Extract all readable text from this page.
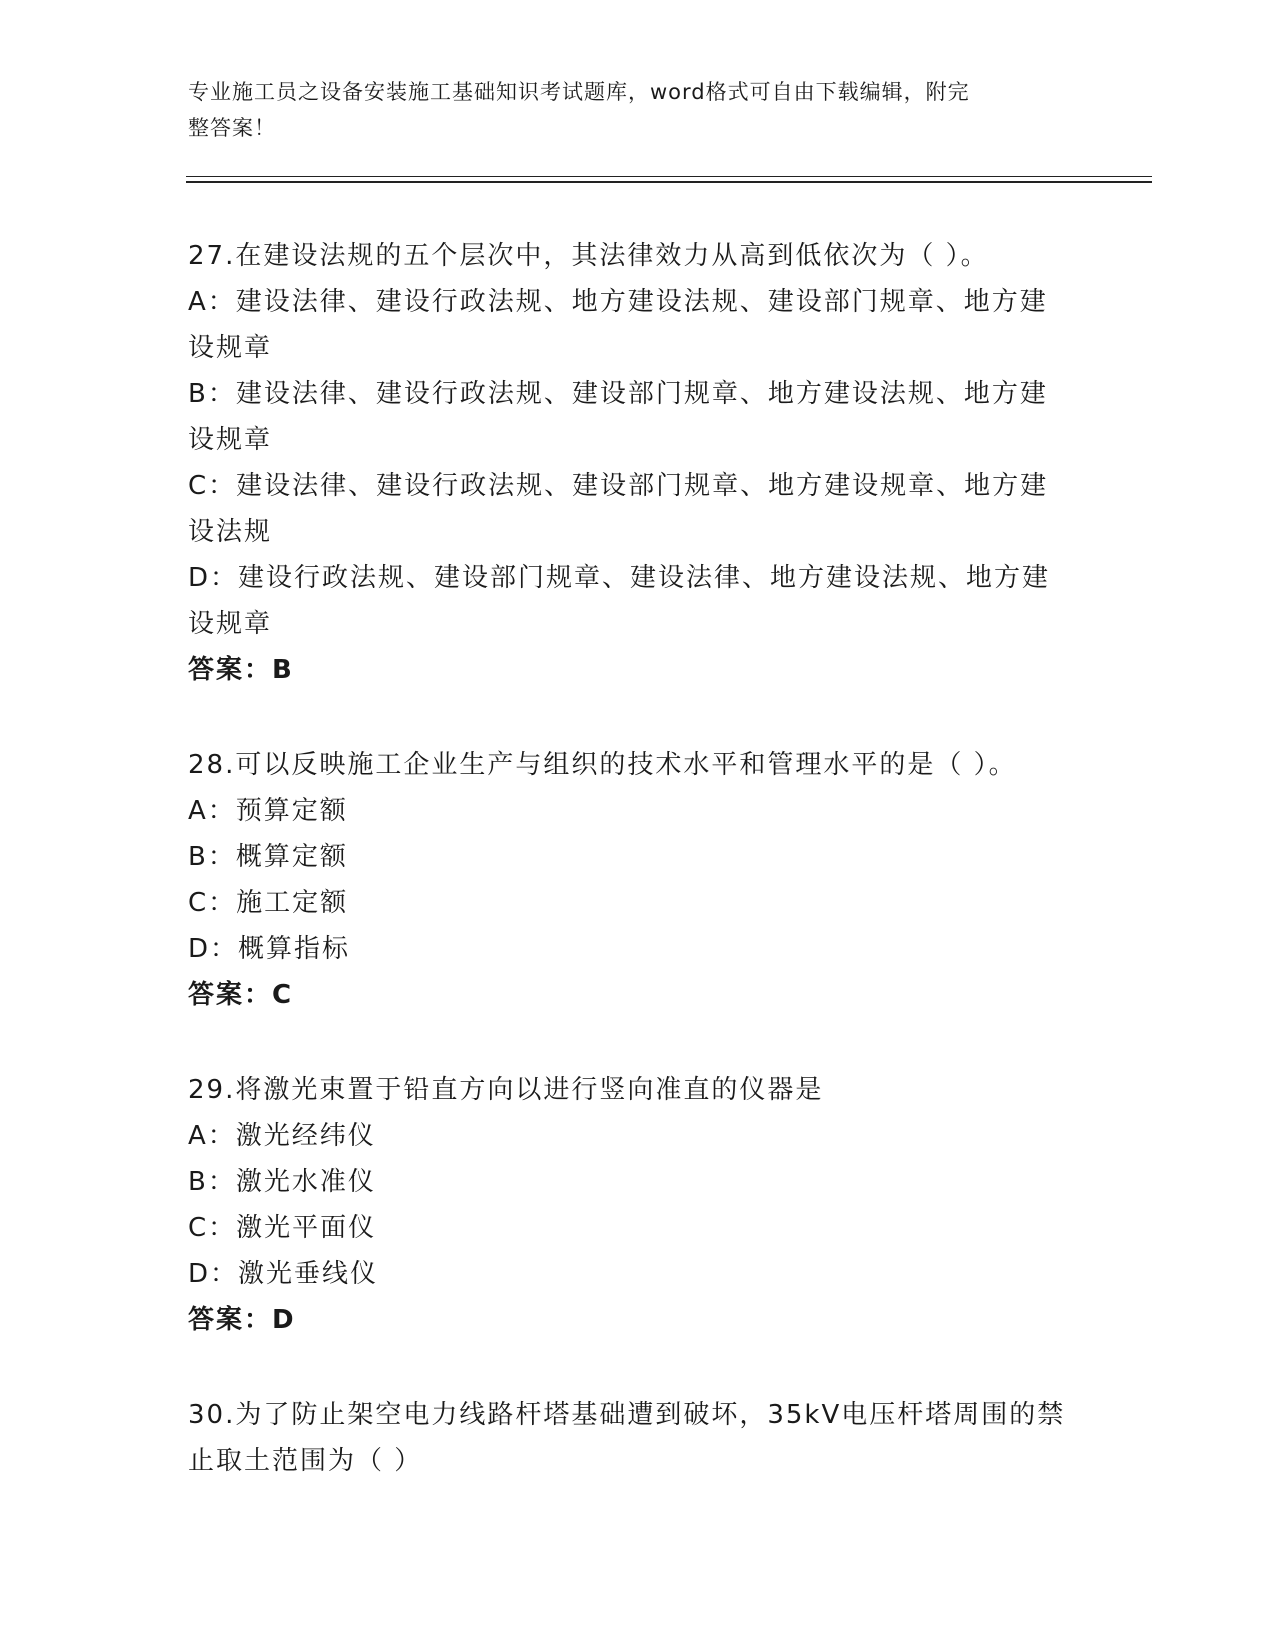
专业施工员之设备安装施工基础知识考试题库，word格式可自由下载编辑，附完
整答案！
27.在建设法规的五个层次中，其法律效力从高到低依次为（ ）。
A：建设法律、建设行政法规、地方建设法规、建设部门规章、地方建
设规章
B：建设法律、建设行政法规、建设部门规章、地方建设法规、地方建
设规章
C：建设法律、建设行政法规、建设部门规章、地方建设规章、地方建
设法规
D：建设行政法规、建设部门规章、建设法律、地方建设法规、地方建
设规章
答案：B
28.可以反映施工企业生产与组织的技术水平和管理水平的是（ ）。
A：预算定额
B：概算定额
C：施工定额
D：概算指标
答案：C
29.将激光束置于铅直方向以进行竖向准直的仪器是
A：激光经纬仪
B：激光水准仪
C：激光平面仪
D：激光垂线仪
答案：D
30.为了防止架空电力线路杆塔基础遭到破坏，35kV电压杆塔周围的禁
止取土范围为（ ）
